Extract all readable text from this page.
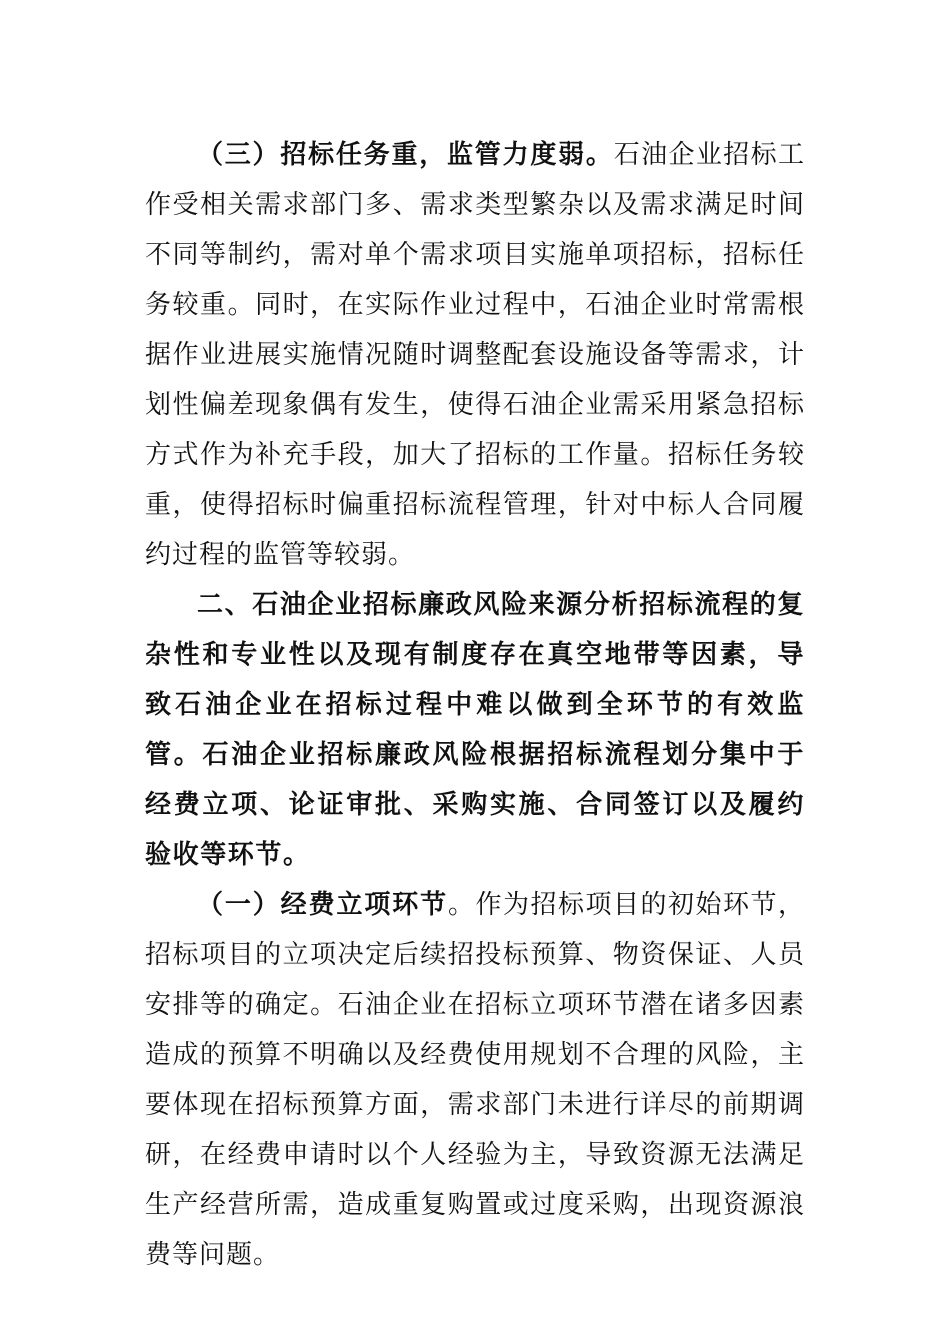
（三）招标任务重，监管力度弱。石油企业招标工作受相关需求部门多、需求类型繁杂以及需求满足时间不同等制约，需对单个需求项目实施单项招标，招标任务较重。同时，在实际作业过程中，石油企业时常需根据作业进展实施情况随时调整配套设施设备等需求，计划性偏差现象偶有发生，使得石油企业需采用紧急招标方式作为补充手段，加大了招标的工作量。招标任务较重，使得招标时偏重招标流程管理，针对中标人合同履约过程的监管等较弱。

二、石油企业招标廉政风险来源分析招标流程的复杂性和专业性以及现有制度存在真空地带等因素，导致石油企业在招标过程中难以做到全环节的有效监管。石油企业招标廉政风险根据招标流程划分集中于经费立项、论证审批、采购实施、合同签订以及履约验收等环节。

（一）经费立项环节。作为招标项目的初始环节，招标项目的立项决定后续招投标预算、物资保证、人员安排等的确定。石油企业在招标立项环节潜在诸多因素造成的预算不明确以及经费使用规划不合理的风险，主要体现在招标预算方面，需求部门未进行详尽的前期调研，在经费申请时以个人经验为主，导致资源无法满足生产经营所需，造成重复购置或过度采购，出现资源浪费等问题。
